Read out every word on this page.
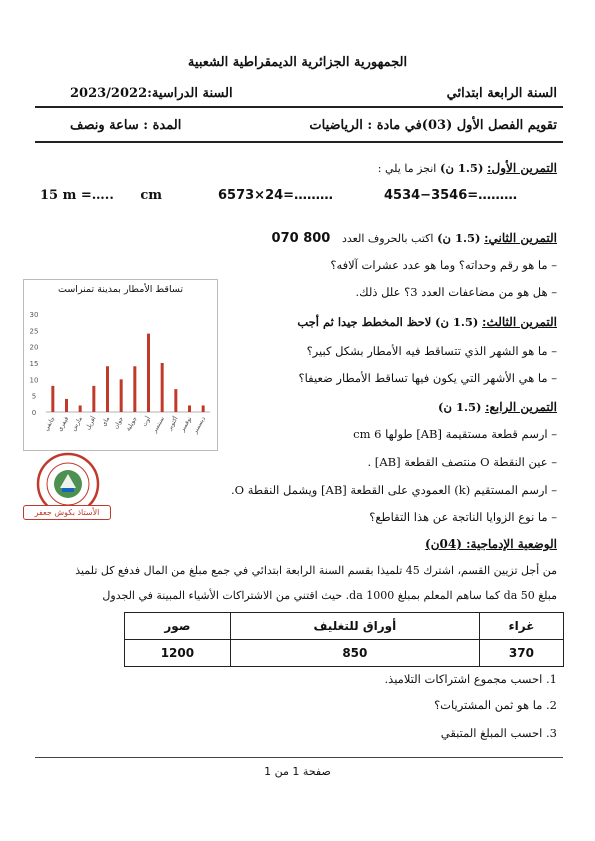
الجمهورية الجزائرية الديمقراطية الشعبية
السنة الرابعة ابتدائي
السنة الدراسية:2023/2022
تقويم الفصل الأول (03)في مادة : الرياضيات
المدة : ساعة ونصف
التمرين الأول: (1.5 ن) انجز ما يلي :
4534−3546=………
6573×24=………
15 m =….. cm
التمرين الثاني: (1.5 ن) اكتب بالحروف العدد 800 070
– ما هو رقم وحداته؟ وما هو عدد عشرات آلافه؟
– هل هو من مضاعفات العدد 3؟ علل ذلك.
التمرين الثالث: (1.5 ن) لاحظ المخطط جيدا ثم أجب
– ما هو الشهر الذي تتساقط فيه الأمطار بشكل كبير؟
– ما هي الأشهر التي يكون فيها تساقط الأمطار ضعيفا؟
التمرين الرابع: (1.5 ن)
– ارسم قطعة مستقيمة [AB] طولها 6 cm
– عين النقطة O منتصف القطعة [AB] .
– ارسم المستقيم (k) العمودي على القطعة [AB] ويشمل النقطة O.
– ما نوع الزوايا الناتجة عن هذا التقاطع؟
تساقط الأمطار بمدينة تمنراست
0
5
10
15
20
25
30
جانفي فيفري مارس أفريل ماي جوان جويلية أوت
سبتمبر أكتوبر نوفمبر
ديسمبر
الأستاذ بكوش جعفر
الوضعية الإدماجية: (04ن)
من أجل تزيين القسم، اشترك 45 تلميذا بقسم السنة الرابعة ابتدائي في جمع مبلغ من المال فدفع كل تلميذ
مبلغ 50 da كما ساهم المعلم بمبلغ 1000 da. حيث اقتني من الاشتراكات الأشياء المبينة في الجدول
صور	أوراق للتغليف	غراء
1200	850	370
1. احسب مجموع اشتراكات التلاميذ.
2. ما هو ثمن المشتريات؟
3. احسب المبلغ المتبقي
صفحة 1 من 1
